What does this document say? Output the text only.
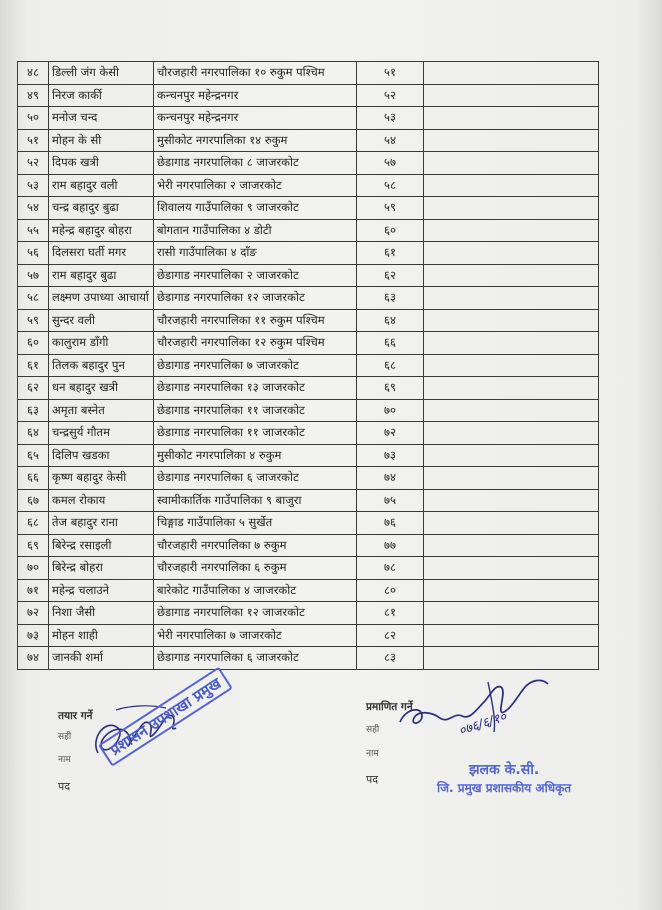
४८	डिल्ली जंग केसी	चौरजहारी नगरपालिका १० रुकुम पश्चिम	५१	
४९	निरज कार्की	कन्चनपुर महेन्द्रनगर	५२	
५०	मनोज चन्द	कन्चनपुर महेन्द्रनगर	५३	
५१	मोहन के सी	मुसीकोट नगरपालिका १४ रुकुम	५४	
५२	दिपक खत्री	छेडागाड नगरपालिका ८ जाजरकोट	५७	
५३	राम बहादुर वली	भेरी नगरपालिका २ जाजरकोट	५८	
५४	चन्द्र बहादुर बुढा	शिवालय गाउँपालिका ९ जाजरकोट	५९	
५५	महेन्द्र बहादुर बोहरा	बोगतान गाउँपालिका ४ डोटी	६०	
५६	दिलसरा घर्ती मगर	रासी गाउँपालिका ४ दाँङ	६१	
५७	राम बहादुर बुढा	छेडागाड नगरपालिका २ जाजरकोट	६२	
५८	लक्ष्मण उपाध्या आचार्या	छेडागाड नगरपालिका १२ जाजरकोट	६३	
५९	सुन्दर वली	चौरजहारी नगरपालिका ११ रुकुम पश्चिम	६४	
६०	कालुराम डाँगी	चौरजहारी नगरपालिका १२ रुकुम पश्चिम	६६	
६१	तिलक बहादुर पुन	छेडागाड नगरपालिका ७ जाजरकोट	६८	
६२	धन बहादुर खत्री	छेडागाड नगरपालिका १३ जाजरकोट	६९	
६३	अमृता बस्नेत	छेडागाड नगरपालिका ११ जाजरकोट	७०	
६४	चन्द्रसुर्य गौतम	छेडागाड नगरपालिका ११ जाजरकोट	७२	
६५	दिलिप खडका	मुसीकोट नगरपालिका ४ रुकुम	७३	
६६	कृष्ण बहादुर केसी	छेडागाड नगरपालिका ६ जाजरकोट	७४	
६७	कमल रोकाय	स्वामीकार्तिक गाउँपालिका ९ बाजुरा	७५	
६८	तेज बहादुर राना	चिङ्गाड गाउँपालिका ५ सुर्खेत	७६	
६९	बिरेन्द्र रसाइली	चौरजहारी नगरपालिका ७ रुकुम	७७	
७०	बिरेन्द्र बोहरा	चौरजहारी नगरपालिका ६ रुकुम	७८	
७१	महेन्द्र चलाउने	बारेकोट गाउँपालिका ४ जाजरकोट	८०	
७२	निशा जैसी	छेडागाड नगरपालिका १२ जाजरकोट	८१	
७३	मोहन शाही	भेरी नगरपालिका ७ जाजरकोट	८२	
७४	जानकी शर्मा	छेडागाड नगरपालिका ६ जाजरकोट	८३	
तयार गर्ने
सही
नाम
पद
प्रशासन उपशाखा प्रमुख	प्रमाणित गर्ने
सही
नाम
पद
०७६/६/१०
झलक के.सी.
जि. प्रमुख प्रशासकीय अधिकृत
